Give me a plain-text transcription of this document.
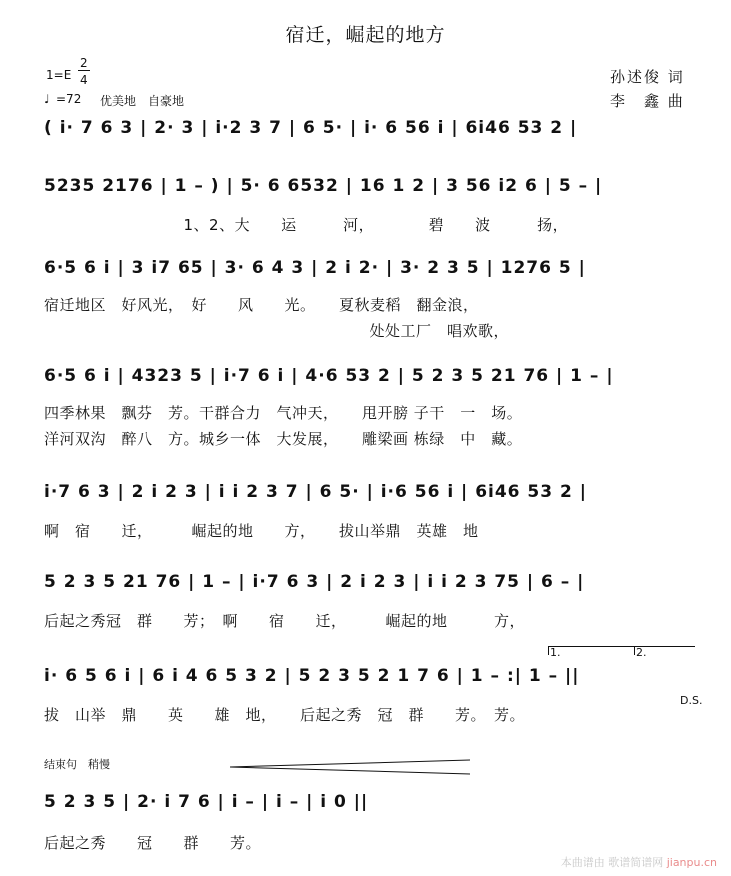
宿迁，崛起的地方
1=E
2
4
♩ =72 优美地　自豪地
孙述俊 词
李　鑫 曲
( i· 7 6 3 | 2· 3 | i·2 3 7 | 6 5· | i· 6 56 i | 6i46 53 2 |
5235 2176 | 1 – ) | 5· 6 6532 | 16 1 2 | 3 56 i2 6 | 5 – |
　　　　　　　　　1、2、大　　运　　　河，　　　　碧　　波　　　扬，
6·5 6 i | 3 i7 65 | 3· 6 4 3 | 2 i 2· | 3· 2 3 5 | 1276 5 |
宿迁地区　好风光，　好　　风　　光。　　夏秋麦稻　翻金浪，
　　　　　　　　　　　　　　　　　　　　　处处工厂　唱欢歌，
6·5 6 i | 4323 5 | i·7 6 i | 4·6 53 2 | 5 2 3 5 21 76 | 1 – |
四季林果　飘芬　芳。干群合力　气冲天，　　甩开膀 子干　一　场。
洋河双沟　醉八　方。城乡一体　大发展，　　雕梁画 栋绿　中　藏。
i·7 6 3 | 2 i 2 3 | i i 2 3 7 | 6 5· | i·6 56 i | 6i46 53 2 |
啊　宿　　迁，　　　崛起的地　　方，　　拔山举鼎　英雄　地
5 2 3 5 21 76 | 1 – | i·7 6 3 | 2 i 2 3 | i i 2 3 75 | 6 – |
后起之秀冠　群　　芳；　啊　　宿　　迁，　　　崛起的地　　　方，
i· 6 5 6 i | 6 i 4 6 5 3 2 | 5 2 3 5 2 1 7 6 | 1 – :| 1 – ||
拔　山举　鼎　　英　　雄　地，　　后起之秀　冠　群　　芳。　芳。
1.	2.
D.S.
结束句　稍慢
5 2 3 5 | 2· i 7 6 | i – | i – | i 0 ||
后起之秀　　冠　　群　　芳。
本曲谱由 歌谱简谱网 jianpu.cn
